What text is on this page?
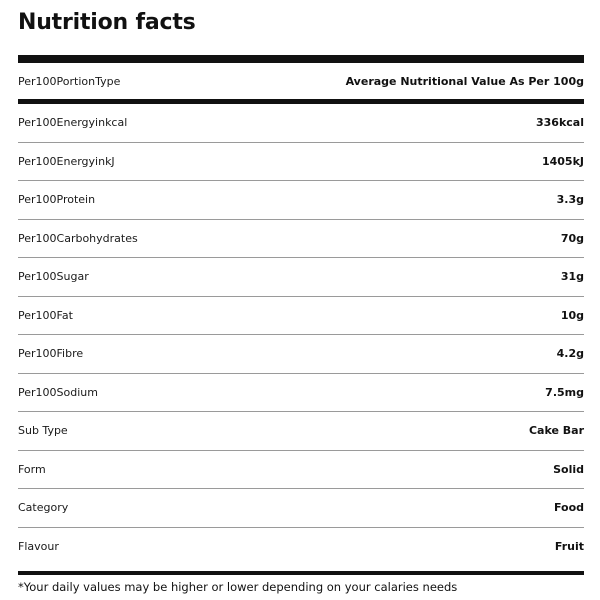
Nutrition facts
Per100PortionType	Average Nutritional Value As Per 100g
Per100Energyinkcal	336kcal
Per100EnergyinkJ	1405kJ
Per100Protein	3.3g
Per100Carbohydrates	70g
Per100Sugar	31g
Per100Fat	10g
Per100Fibre	4.2g
Per100Sodium	7.5mg
Sub Type	Cake Bar
Form	Solid
Category	Food
Flavour	Fruit
*Your daily values may be higher or lower depending on your calaries needs
